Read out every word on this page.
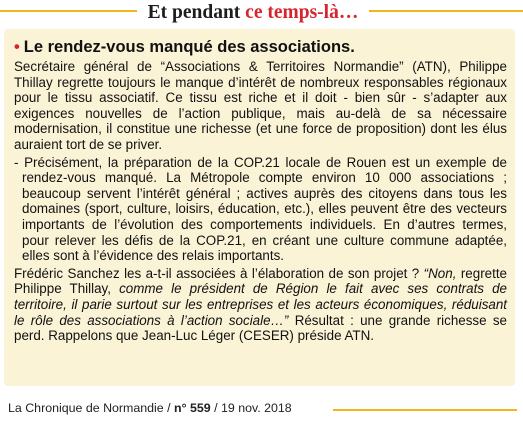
Et pendant ce temps-là…
• Le rendez-vous manqué des associations.

Secrétaire général de “Associations & Territoires Normandie” (ATN), Philippe Thillay regrette toujours le manque d’intérêt de nombreux responsables régionaux pour le tissu associatif. Ce tissu est riche et il doit - bien sûr - s’adapter aux exigences nouvelles de l’action publique, mais au-delà de sa nécessaire modernisation, il constitue une richesse (et une force de proposition) dont les élus auraient tort de se priver.

- Précisément, la préparation de la COP.21 locale de Rouen est un exemple de rendez-vous manqué. La Métropole compte environ 10 000 associations ; beaucoup servent l’intérêt général ; actives auprès des citoyens dans tous les domaines (sport, culture, loisirs, éducation, etc.), elles peuvent être des vecteurs importants de l’évolution des comportements individuels. En d’autres termes, pour relever les défis de la COP.21, en créant une culture commune adaptée, elles sont à l’évidence des relais importants.

Frédéric Sanchez les a-t-il associées à l’élaboration de son projet ? “Non, regrette Philippe Thillay, comme le président de Région le fait avec ses contrats de territoire, il parie surtout sur les entreprises et les acteurs économiques, réduisant le rôle des associations à l’action sociale…” Résultat : une grande richesse se perd. Rappelons que Jean-Luc Léger (CESER) préside ATN.

La Chronique de Normandie / n° 559 / 19 nov. 2018
